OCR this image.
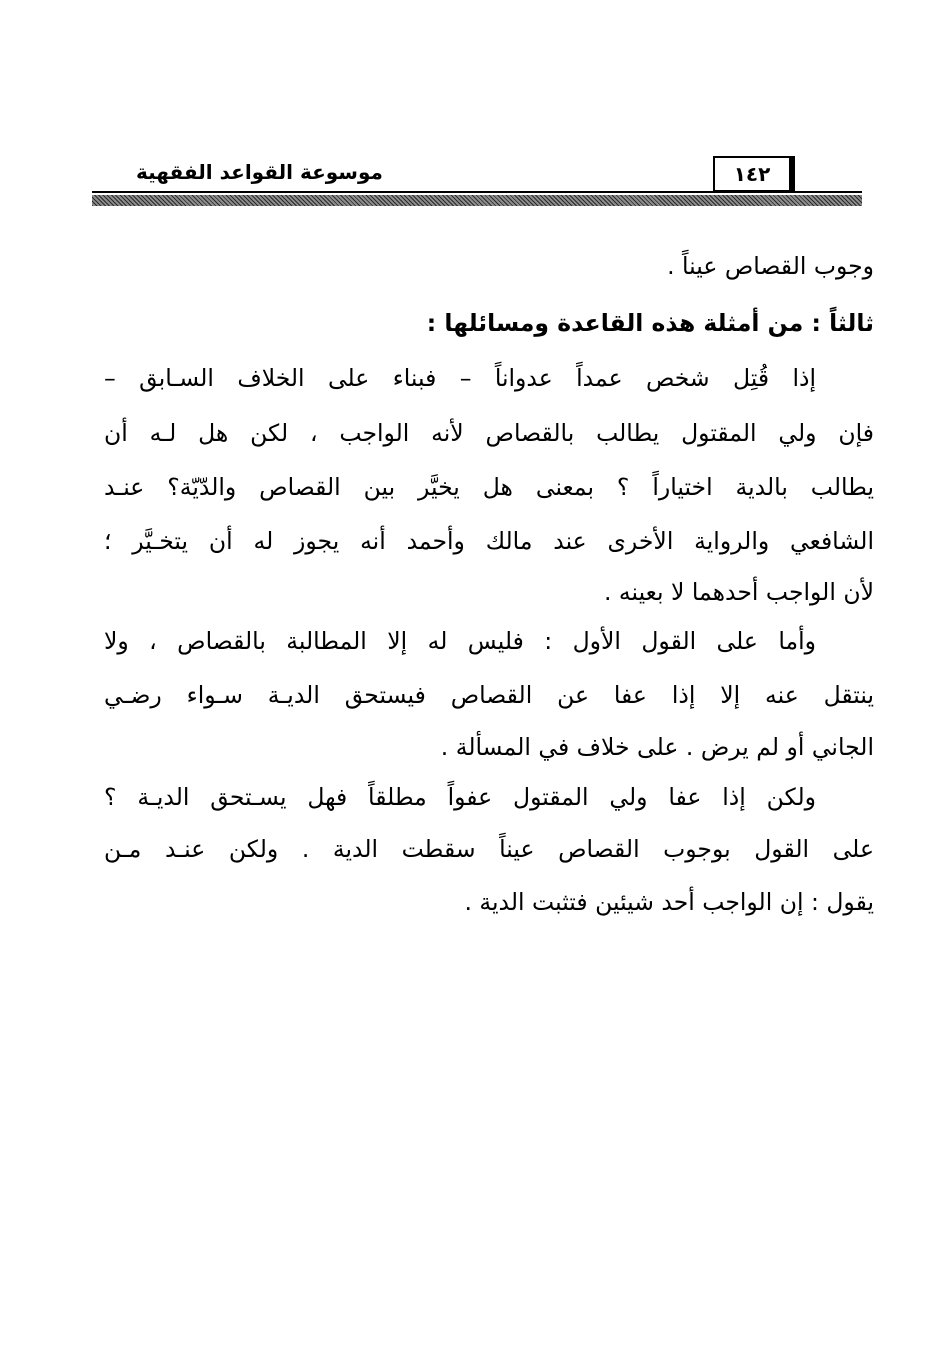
موسوعة القواعد الفقهية	١٤٢
وجوب القصاص عيناً .
ثالثاً : من أمثلة هذه القاعدة ومسائلها :
إذا قُتِل شخص عمداً عدواناً – فبناء على الخلاف السـابق –
فإن ولي المقتول يطالب بالقصاص لأنه الواجب ، لكن هل لـه أن
يطالب بالدية اختياراً ؟ بمعنى هل يخيَّر بين القصاص والدّيّة؟ عنـد
الشافعي والرواية الأخرى عند مالك وأحمد أنه يجوز له أن يتخـيَّر ؛
لأن الواجب أحدهما لا بعينه .
وأما على القول الأول : فليس له إلا المطالبة بالقصاص ، ولا
ينتقل عنه إلا إذا عفا عن القصاص فيستحق الديـة سـواء رضـي
الجاني أو لم يرض . على خلاف في المسألة .
ولكن إذا عفا ولي المقتول عفواً مطلقاً فهل يسـتحق الديـة ؟
على القول بوجوب القصاص عيناً سقطت الدية . ولكن عنـد مـن
يقول : إن الواجب أحد شيئين فتثبت الدية .
